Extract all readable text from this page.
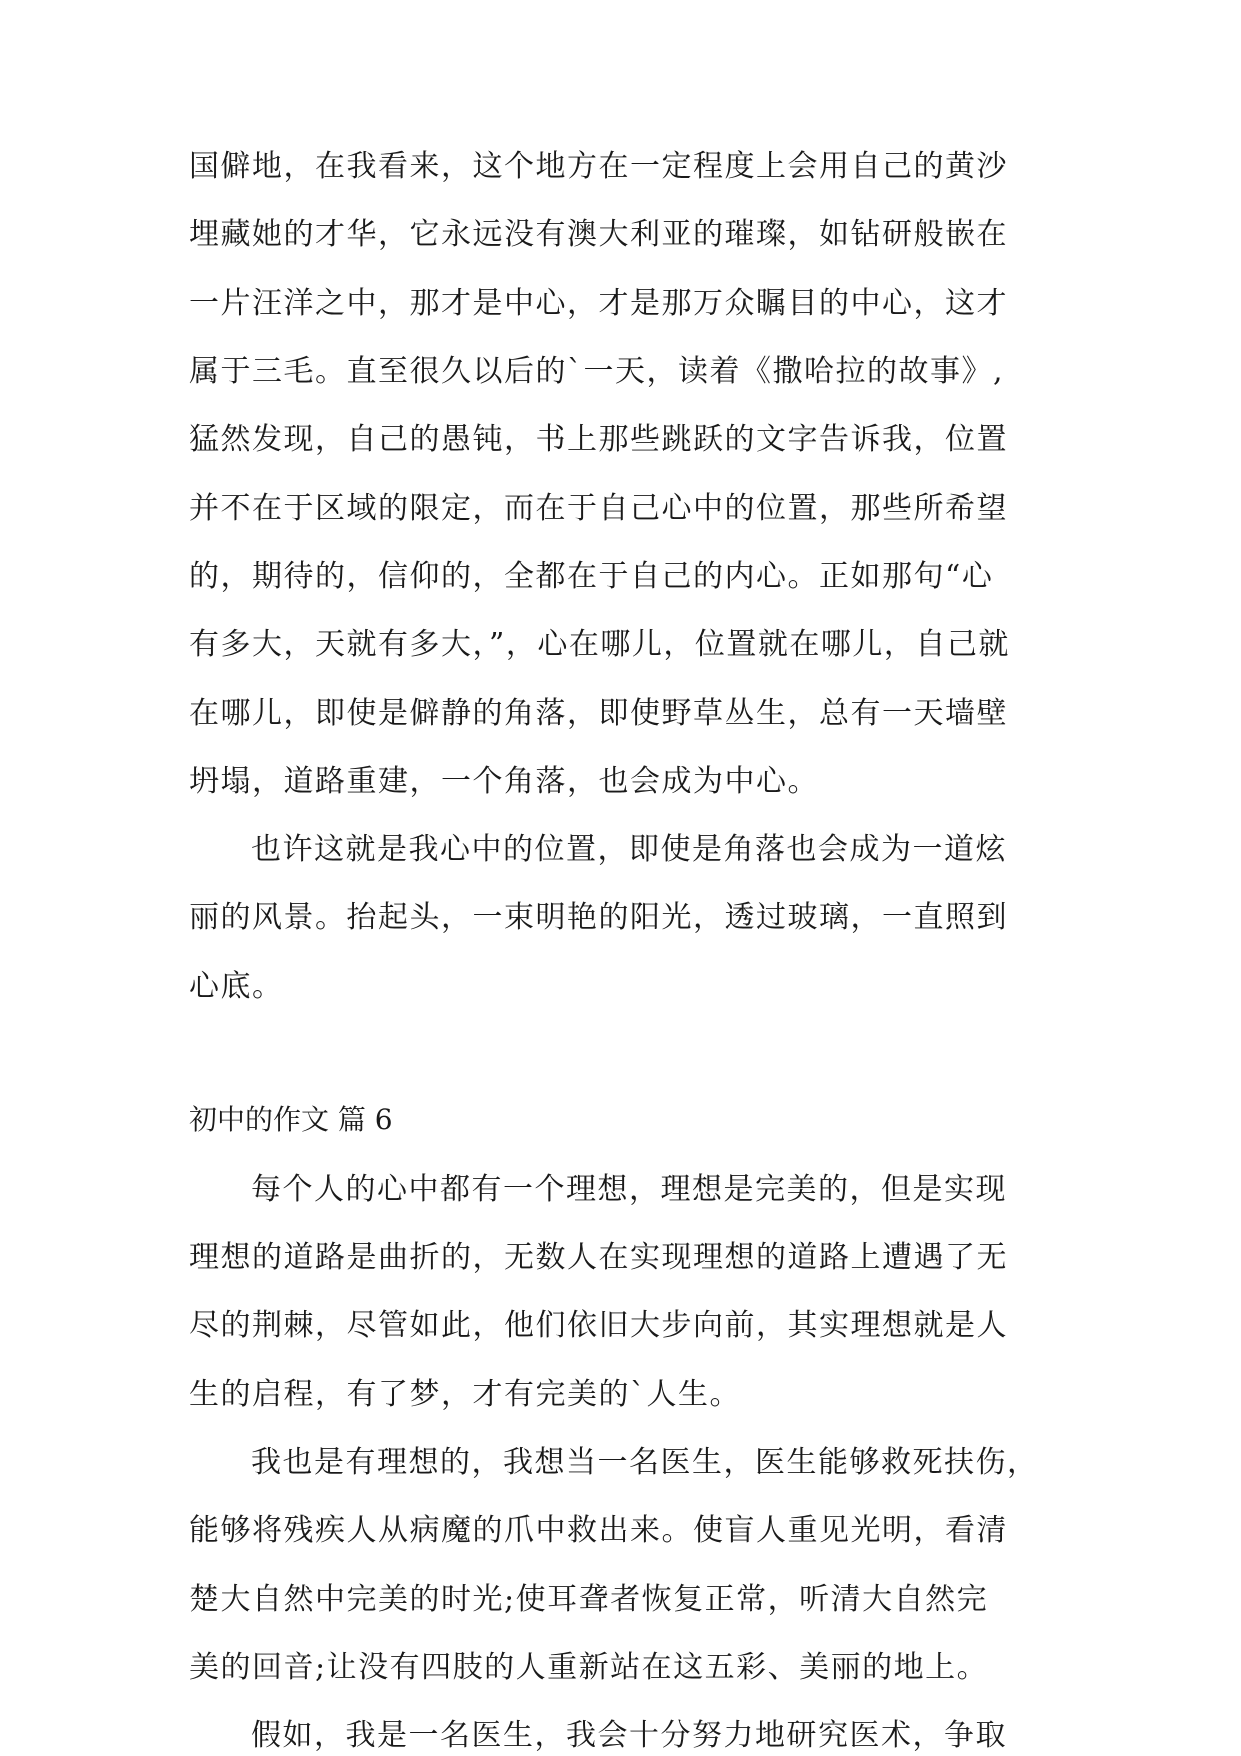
国僻地，在我看来，这个地方在一定程度上会用自己的黄沙
埋藏她的才华，它永远没有澳大利亚的璀璨，如钻研般嵌在
一片汪洋之中，那才是中心，才是那万众瞩目的中心，这才
属于三毛。直至很久以后的`一天，读着《撒哈拉的故事》,
猛然发现，自己的愚钝，书上那些跳跃的文字告诉我，位置
并不在于区域的限定，而在于自己心中的位置，那些所希望
的，期待的，信仰的，全都在于自己的内心。正如那句“心
有多大，天就有多大，”，心在哪儿，位置就在哪儿，自己就
在哪儿，即使是僻静的角落，即使野草丛生，总有一天墙壁
坍塌，道路重建，一个角落，也会成为中心。
也许这就是我心中的位置，即使是角落也会成为一道炫
丽的风景。抬起头，一束明艳的阳光，透过玻璃，一直照到
心底。
初中的作文 篇 6
每个人的心中都有一个理想，理想是完美的，但是实现
理想的道路是曲折的，无数人在实现理想的道路上遭遇了无
尽的荆棘，尽管如此，他们依旧大步向前，其实理想就是人
生的启程，有了梦，才有完美的`人生。
我也是有理想的，我想当一名医生，医生能够救死扶伤，
能够将残疾人从病魔的爪中救出来。使盲人重见光明，看清
楚大自然中完美的时光;使耳聋者恢复正常，听清大自然完
美的回音;让没有四肢的人重新站在这五彩、美丽的地上。
假如，我是一名医生，我会十分努力地研究医术，争取
